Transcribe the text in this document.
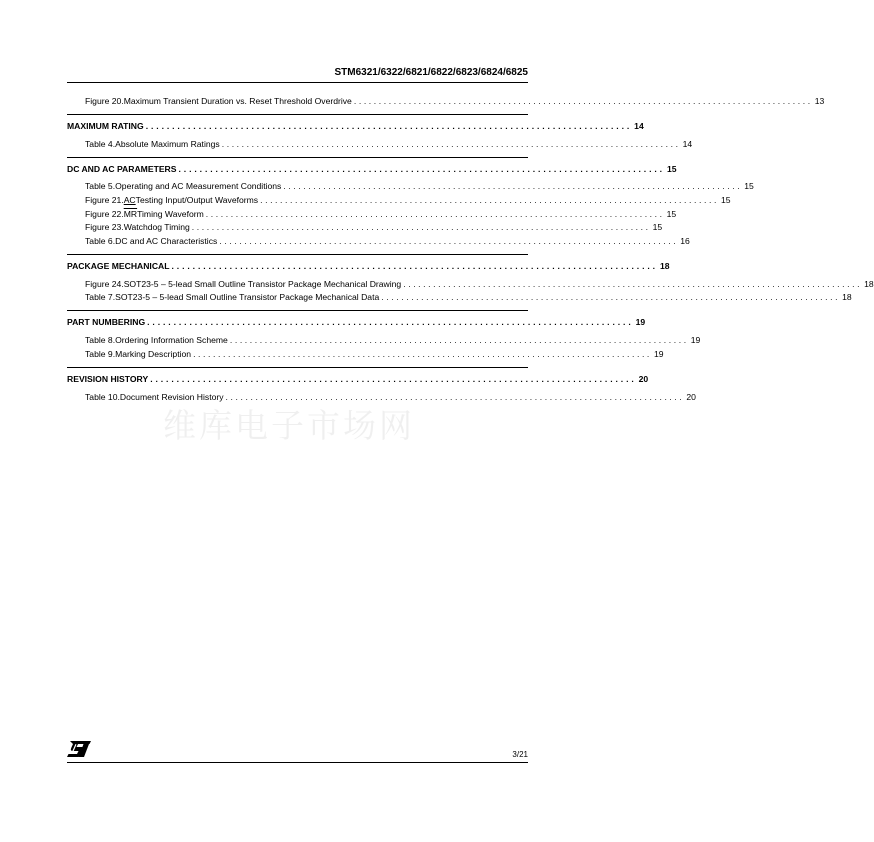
STM6321/6322/6821/6822/6823/6824/6825
Figure 20. Maximum Transient Duration vs. Reset Threshold Overdrive ............................................................................................ 13
MAXIMUM RATING ............................................................................................ 14
Table 4. Absolute Maximum Ratings ............................................................................................ 14
DC AND AC PARAMETERS ............................................................................................ 15
Table 5. Operating and AC Measurement Conditions ............................................................................................ 15
Figure 21. AC Testing Input/Output Waveforms ............................................................................................ 15
Figure 22. $\overline{MR}$ Timing Waveform ............................................................................................ 15
Figure 23. Watchdog Timing ............................................................................................ 15
Table 6. DC and AC Characteristics ............................................................................................ 16
PACKAGE MECHANICAL ............................................................................................ 18
Figure 24. SOT23-5 – 5-lead Small Outline Transistor Package Mechanical Drawing ............................................................................................ 18
Table 7. SOT23-5 – 5-lead Small Outline Transistor Package Mechanical Data ............................................................................................ 18
PART NUMBERING ............................................................................................ 19
Table 8. Ordering Information Scheme ............................................................................................ 19
Table 9. Marking Description ............................................................................................ 19
REVISION HISTORY ............................................................................................ 20
Table 10. Document Revision History ............................................................................................ 20
维库电子市场网
3/21
